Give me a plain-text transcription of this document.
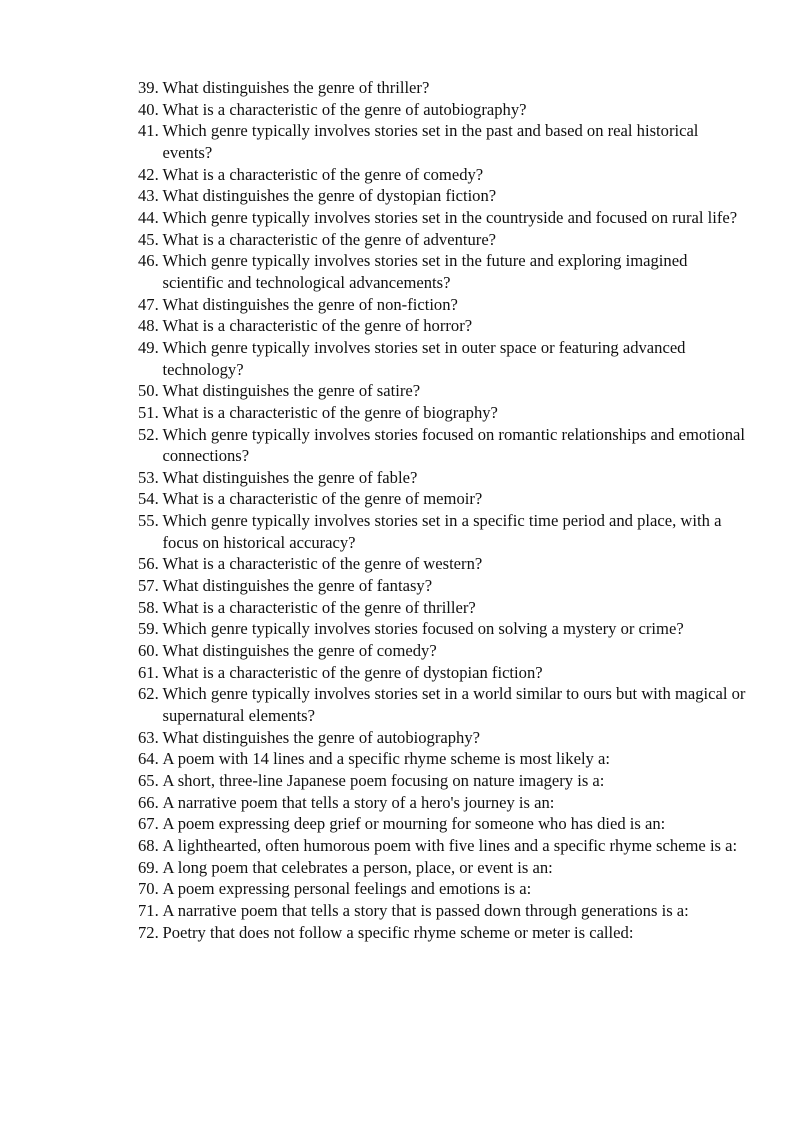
39. What distinguishes the genre of thriller?
40. What is a characteristic of the genre of autobiography?
41. Which genre typically involves stories set in the past and based on real historical events?
42. What is a characteristic of the genre of comedy?
43. What distinguishes the genre of dystopian fiction?
44. Which genre typically involves stories set in the countryside and focused on rural life?
45. What is a characteristic of the genre of adventure?
46. Which genre typically involves stories set in the future and exploring imagined scientific and technological advancements?
47. What distinguishes the genre of non-fiction?
48. What is a characteristic of the genre of horror?
49. Which genre typically involves stories set in outer space or featuring advanced technology?
50. What distinguishes the genre of satire?
51. What is a characteristic of the genre of biography?
52. Which genre typically involves stories focused on romantic relationships and emotional connections?
53. What distinguishes the genre of fable?
54. What is a characteristic of the genre of memoir?
55. Which genre typically involves stories set in a specific time period and place, with a focus on historical accuracy?
56. What is a characteristic of the genre of western?
57. What distinguishes the genre of fantasy?
58. What is a characteristic of the genre of thriller?
59. Which genre typically involves stories focused on solving a mystery or crime?
60. What distinguishes the genre of comedy?
61. What is a characteristic of the genre of dystopian fiction?
62. Which genre typically involves stories set in a world similar to ours but with magical or supernatural elements?
63. What distinguishes the genre of autobiography?
64. A poem with 14 lines and a specific rhyme scheme is most likely a:
65. A short, three-line Japanese poem focusing on nature imagery is a:
66. A narrative poem that tells a story of a hero's journey is an:
67. A poem expressing deep grief or mourning for someone who has died is an:
68. A lighthearted, often humorous poem with five lines and a specific rhyme scheme is a:
69. A long poem that celebrates a person, place, or event is an:
70. A poem expressing personal feelings and emotions is a:
71. A narrative poem that tells a story that is passed down through generations is a:
72. Poetry that does not follow a specific rhyme scheme or meter is called:
